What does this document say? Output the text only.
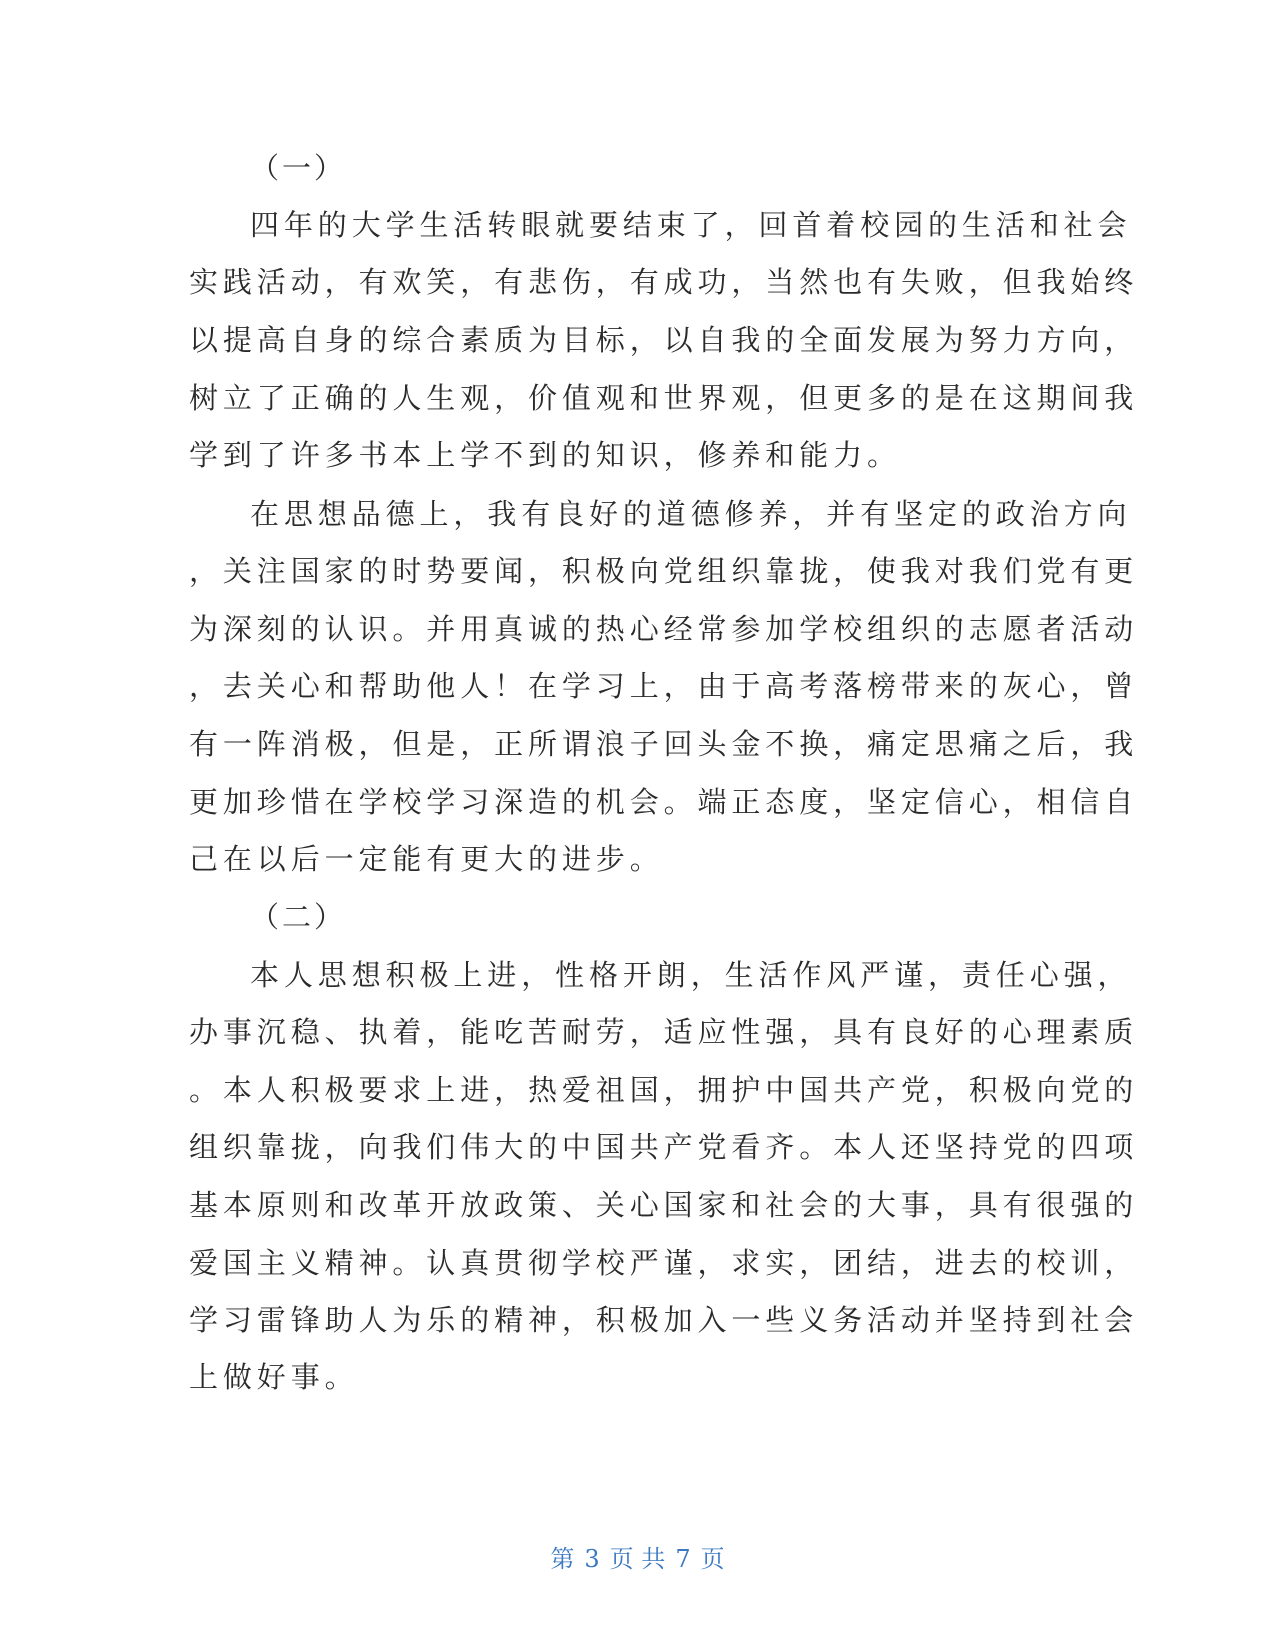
（一）
四年的大学生活转眼就要结束了，回首着校园的生活和社会
实践活动，有欢笑，有悲伤，有成功，当然也有失败，但我始终
以提高自身的综合素质为目标，以自我的全面发展为努力方向，
树立了正确的人生观，价值观和世界观，但更多的是在这期间我
学到了许多书本上学不到的知识，修养和能力。
在思想品德上，我有良好的道德修养，并有坚定的政治方向
，关注国家的时势要闻，积极向党组织靠拢，使我对我们党有更
为深刻的认识。并用真诚的热心经常参加学校组织的志愿者活动
，去关心和帮助他人！在学习上，由于高考落榜带来的灰心，曾
有一阵消极，但是，正所谓浪子回头金不换，痛定思痛之后，我
更加珍惜在学校学习深造的机会。端正态度，坚定信心，相信自
己在以后一定能有更大的进步。
（二）
本人思想积极上进，性格开朗，生活作风严谨，责任心强，
办事沉稳、执着，能吃苦耐劳，适应性强，具有良好的心理素质
。本人积极要求上进，热爱祖国，拥护中国共产党，积极向党的
组织靠拢，向我们伟大的中国共产党看齐。本人还坚持党的四项
基本原则和改革开放政策、关心国家和社会的大事，具有很强的
爱国主义精神。认真贯彻学校严谨，求实，团结，进去的校训，
学习雷锋助人为乐的精神，积极加入一些义务活动并坚持到社会
上做好事。
第 3 页 共 7 页
